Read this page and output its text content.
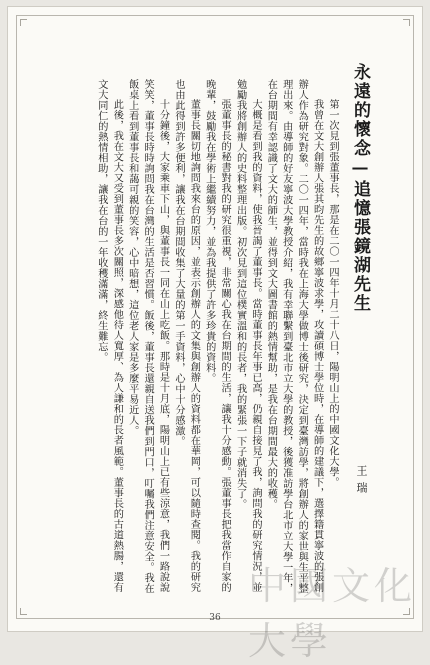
永遠的懷念—追憶張鏡湖先生
王瑞

第一次見到張董事長，那是在二〇一四年十月二十八日，陽明山上的中國文化大學。

我曾在文大創辦人張其昀先生的故鄉寧波求學，攻讀碩博士學位時，在導師的建議下，選擇籍貫寧波的張創辦人作為研究對象。二〇一四年，當時我在上海大學做博士後研究，決定到臺灣訪學，將創辦人的家世與生平整理出來。由導師的好友寧波大學教授介紹，我有幸聯繫到臺北市立大學的教授，後獲准訪學台北市立大學一年，在台期間有幸認識了文大的師生，並得到文大圖書館的熱情幫助，是我在台期間最大的收穫。

大概是看到我的資料，使我晉謁了董事長。當時董事長年事已高，仍親自接見了我，詢問我的研究情況，並勉勵我將創辦人的史料整理出版。初次見到這位樸實溫和的長者，我的緊張一下子就消失了。

張董事長的秘書對我的研究很重視，非常關心我在台期間的生活，讓我十分感動。張董事長把我當作自家的晚輩，鼓勵我在學術上繼續努力，並為我提供了許多珍貴的資料。

董事長關切地詢問我來台的原因，並表示創辦人的文集與創辦人的資料都在華岡，可以隨時查閱。我的研究也由此得到許多便利，讓我在台期間收集了大量的第一手資料，心中十分感激。

十分鐘後，大家乘車下山，與董事長一同在山上吃飯。那時是十月底，陽明山上已有些涼意，我們一路說說笑笑，董事長時時詢問我在台灣的生活是否習慣。飯後，董事長還親自送我們到門口，叮囑我們注意安全。我在飯桌上看到董事長和藹可親的笑容，心中暗想，這位老人家是多麼平易近人。

此後，我在文大又受到董事長多次關照，深感他待人寬厚、為人謙和的長者風範。董事長的古道熱腸，還有文大同仁的熱情相助，讓我在台的一年收穫滿滿，終生難忘。

中國文化大學
36
